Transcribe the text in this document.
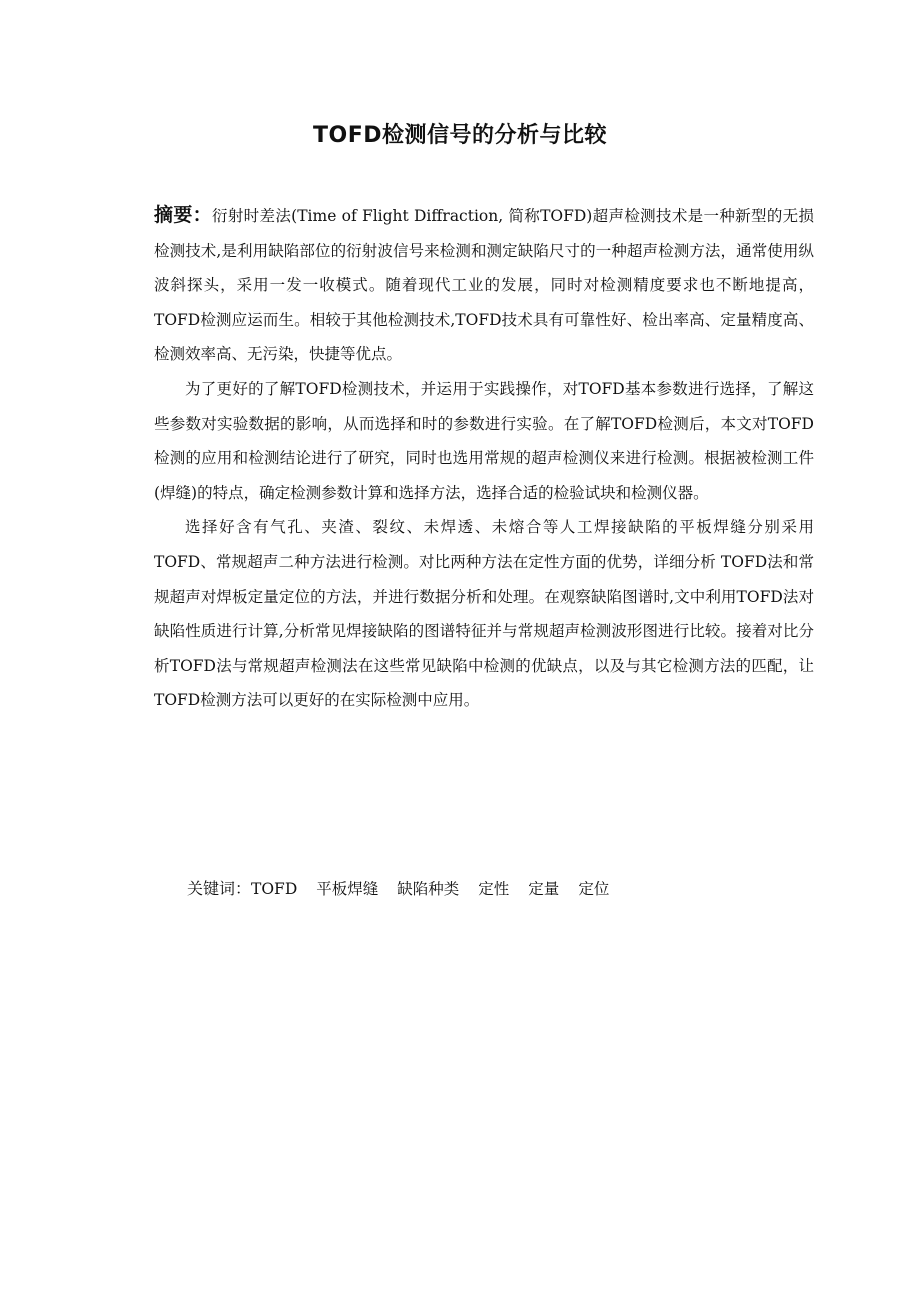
TOFD检测信号的分析与比较

摘要：衍射时差法(Time of Flight Diffraction, 简称TOFD)超声检测技术是一种新型的无损检测技术,是利用缺陷部位的衍射波信号来检测和测定缺陷尺寸的一种超声检测方法，通常使用纵波斜探头，采用一发一收模式。随着现代工业的发展，同时对检测精度要求也不断地提高，TOFD检测应运而生。相较于其他检测技术,TOFD技术具有可靠性好、检出率高、定量精度高、检测效率高、无污染，快捷等优点。

为了更好的了解TOFD检测技术，并运用于实践操作，对TOFD基本参数进行选择，了解这些参数对实验数据的影响，从而选择和时的参数进行实验。在了解TOFD检测后，本文对TOFD检测的应用和检测结论进行了研究，同时也选用常规的超声检测仪来进行检测。根据被检测工件(焊缝)的特点，确定检测参数计算和选择方法，选择合适的检验试块和检测仪器。

选择好含有气孔、夹渣、裂纹、未焊透、未熔合等人工焊接缺陷的平板焊缝分别采用TOFD、常规超声二种方法进行检测。对比两种方法在定性方面的优势，详细分析 TOFD法和常规超声对焊板定量定位的方法，并进行数据分析和处理。在观察缺陷图谱时,文中利用TOFD法对缺陷性质进行计算,分析常见焊接缺陷的图谱特征并与常规超声检测波形图进行比较。接着对比分析TOFD法与常规超声检测法在这些常见缺陷中检测的优缺点，以及与其它检测方法的匹配，让TOFD检测方法可以更好的在实际检测中应用。

关键词：TOFD 平板焊缝 缺陷种类 定性 定量 定位
